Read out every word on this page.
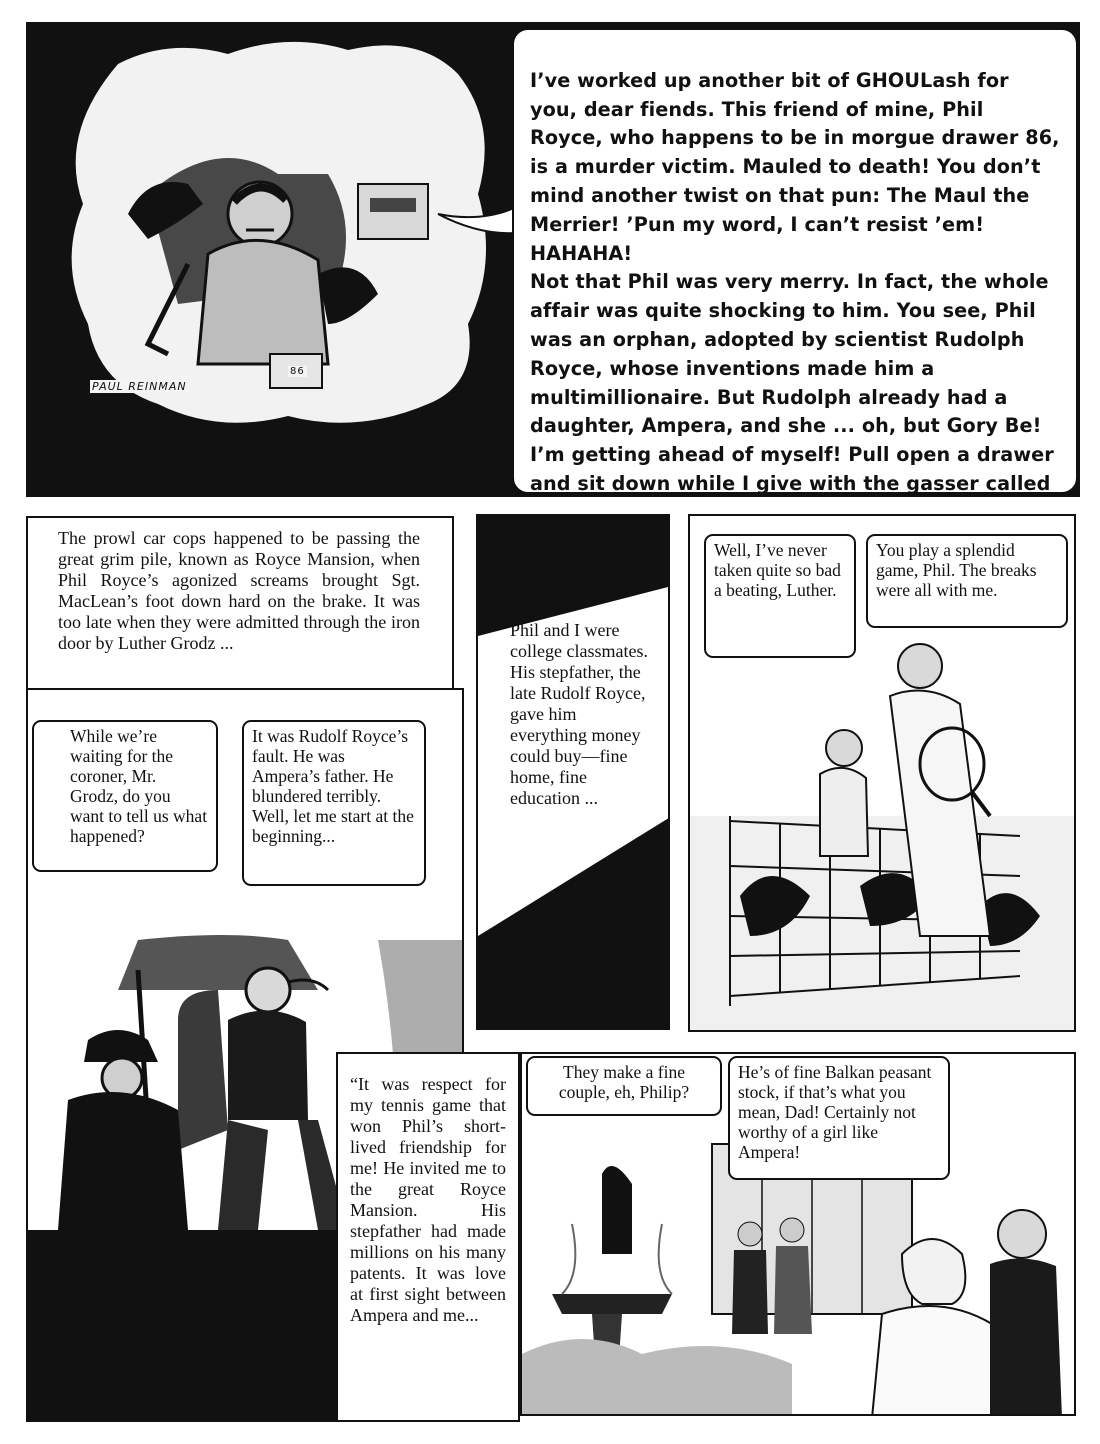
PAUL REINMAN
86

I’ve worked up another bit of GHOULash for you, dear fiends. This friend of mine, Phil Royce, who happens to be in morgue drawer 86, is a murder victim. Mauled to death! You don’t mind another twist on that pun: The Maul the Merrier! ’Pun my word, I can’t resist ’em! HAHAHA!
Not that Phil was very merry. In fact, the whole affair was quite shocking to him. You see, Phil was an orphan, adopted by scientist Rudolph Royce, whose inventions made him a multimillionaire. But Rudolph already had a daughter, Ampera, and she ... oh, but Gory Be! I’m getting ahead of myself! Pull open a drawer and sit down while I give with the gasser called

The prowl car cops happened to be passing the great grim pile, known as Royce Mansion, when Phil Royce’s agonized screams brought Sgt. MacLean’s foot down hard on the brake. It was too late when they were admitted through the iron door by Luther Grodz ...
While we’re waiting for the coroner, Mr. Grodz, do you want to tell us what happened?
It was Rudolf Royce’s fault. He was Ampera’s father. He blundered terribly. Well, let me start at the beginning...
Phil and I were college classmates. His stepfather, the late Rudolf Royce, gave him everything money could buy—fine home, fine education ...
Well, I’ve never taken quite so bad a beating, Luther.
You play a splendid game, Phil. The breaks were all with me.
“It was respect for my tennis game that won Phil’s short-lived friendship for me! He invited me to the great Royce Mansion. His stepfather had made millions on his many patents. It was love at first sight between Ampera and me...
They make a fine couple, eh, Philip?
He’s of fine Balkan peasant stock, if that’s what you mean, Dad! Certainly not worthy of a girl like Ampera!
